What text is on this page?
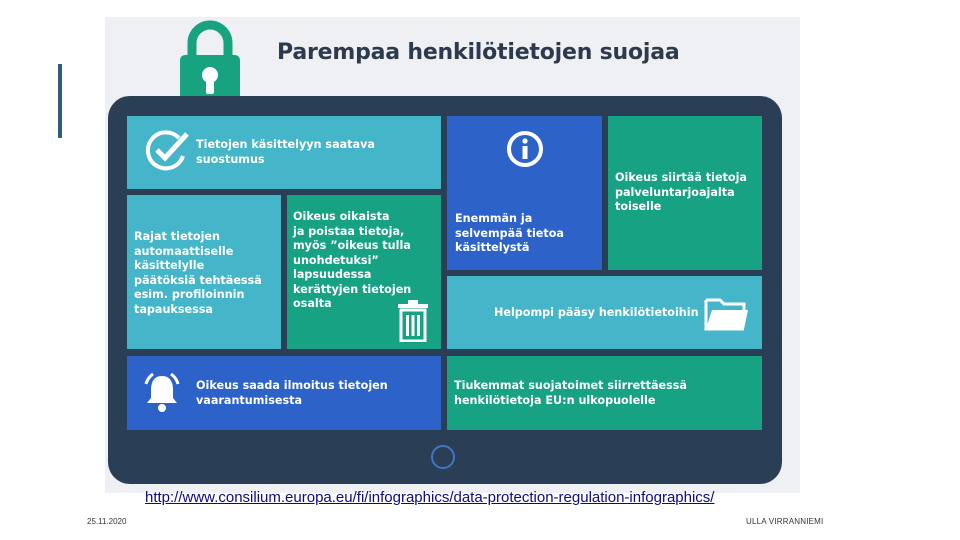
Parempaa henkilötietojen suojaa
Tietojen käsittelyyn saatava
suostumus
Enemmän ja
selvempää tietoa
käsittelystä
Oikeus siirtää tietoja
palveluntarjoajalta
toiselle
Rajat tietojen
automaattiselle
käsittelylle
päätöksiä tehtäessä
esim. profiloinnin
tapauksessa
Oikeus oikaista
ja poistaa tietoja,
myös ”oikeus tulla
unohdetuksi”
lapsuudessa
kerättyjen tietojen
osalta
Helpompi pääsy henkilötietoihin
Oikeus saada ilmoitus tietojen
vaarantumisesta
Tiukemmat suojatoimet siirrettäessä
henkilötietoja EU:n ulkopuolelle
http://www.consilium.europa.eu/fi/infographics/data-protection-regulation-infographics/
25.11.2020	ULLA VIRRANNIEMI
